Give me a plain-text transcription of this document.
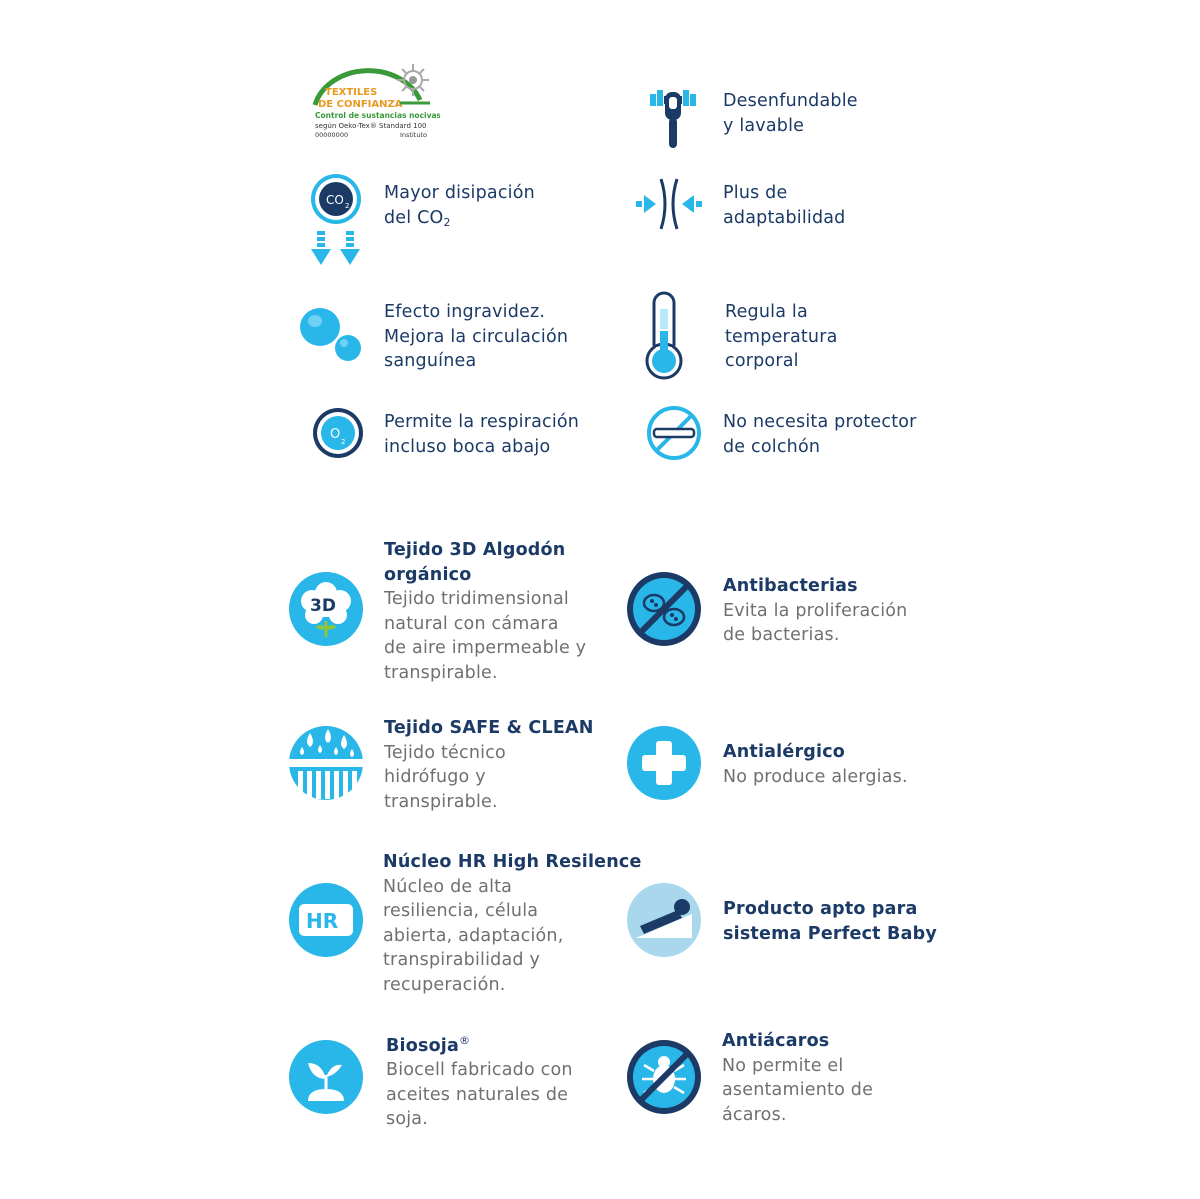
TEXTILES
DE CONFIANZA
Control de sustancias nocivas
según Oeko-Tex® Standard 100
00000000	Instituto
Desenfundable
y lavable
CO 2
Mayor disipación
del $CO_2$
Plus de
adaptabilidad
Efecto ingravidez.
Mejora la circulación
sanguínea
Regula la
temperatura
corporal
O 2
Permite la respiración
incluso boca abajo
No necesita protector
de colchón
3D
Tejido 3D Algodón
orgánico
Tejido tridimensional
natural con cámara
de aire impermeable y
transpirable.
Antibacterias
Evita la proliferación
de bacterias.
Tejido SAFE & CLEAN
Tejido técnico
hidrófugo y
transpirable.
Antialérgico
No produce alergias.
HR
Núcleo HR High Resilence
Núcleo de alta
resiliencia, célula
abierta, adaptación,
transpirabilidad y
recuperación.
Producto apto para
sistema Perfect Baby
Biosoja®
Biocell fabricado con
aceites naturales de
soja.
Antiácaros
No permite el
asentamiento de
ácaros.
